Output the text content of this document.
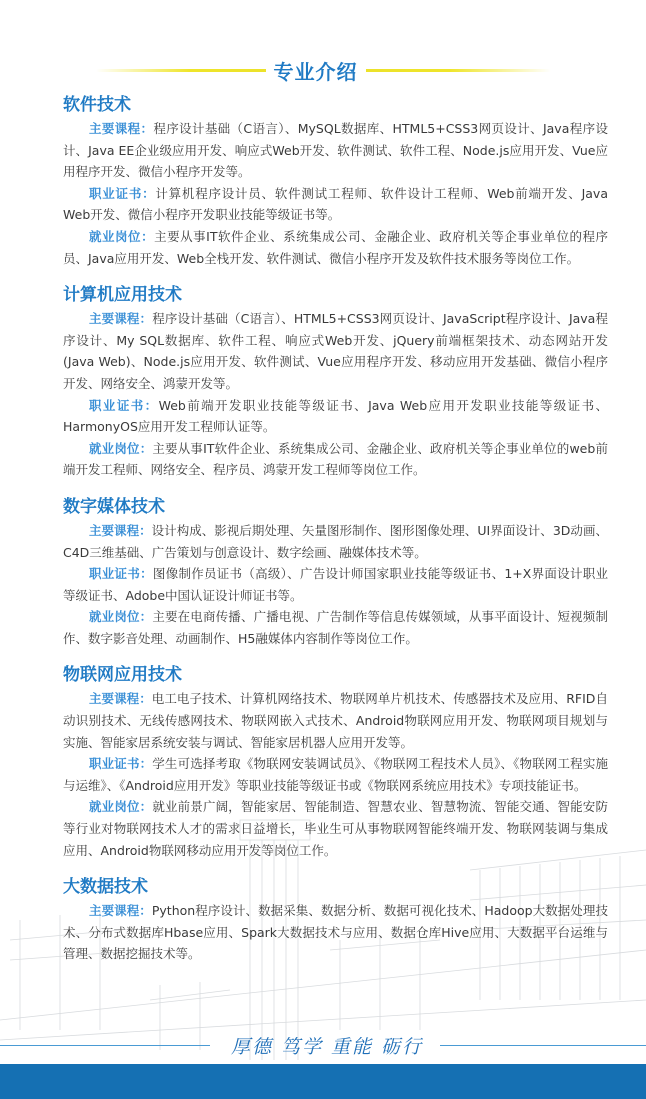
专业介绍
软件技术

主要课程：程序设计基础（C语言）、MySQL数据库、HTML5+CSS3网页设计、Java程序设计、Java EE企业级应用开发、响应式Web开发、软件测试、软件工程、Node.js应用开发、Vue应用程序开发、微信小程序开发等。

职业证书：计算机程序设计员、软件测试工程师、软件设计工程师、Web前端开发、Java Web开发、微信小程序开发职业技能等级证书等。

就业岗位：主要从事IT软件企业、系统集成公司、金融企业、政府机关等企事业单位的程序员、Java应用开发、Web全栈开发、软件测试、微信小程序开发及软件技术服务等岗位工作。

计算机应用技术

主要课程：程序设计基础（C语言）、HTML5+CSS3网页设计、JavaScript程序设计、Java程序设计、My SQL数据库、软件工程、响应式Web开发、jQuery前端框架技术、动态网站开发(Java Web)、Node.js应用开发、软件测试、Vue应用程序开发、移动应用开发基础、微信小程序开发、网络安全、鸿蒙开发等。

职业证书：Web前端开发职业技能等级证书、Java Web应用开发职业技能等级证书、HarmonyOS应用开发工程师认证等。

就业岗位：主要从事IT软件企业、系统集成公司、金融企业、政府机关等企事业单位的web前端开发工程师、网络安全、程序员、鸿蒙开发工程师等岗位工作。

数字媒体技术

主要课程：设计构成、影视后期处理、矢量图形制作、图形图像处理、UI界面设计、3D动画、C4D三维基础、广告策划与创意设计、数字绘画、融媒体技术等。

职业证书：图像制作员证书（高级）、广告设计师国家职业技能等级证书、1+X界面设计职业等级证书、Adobe中国认证设计师证书等。

就业岗位：主要在电商传播、广播电视、广告制作等信息传媒领域，从事平面设计、短视频制作、数字影音处理、动画制作、H5融媒体内容制作等岗位工作。

物联网应用技术

主要课程：电工电子技术、计算机网络技术、物联网单片机技术、传感器技术及应用、RFID自动识别技术、无线传感网技术、物联网嵌入式技术、Android物联网应用开发、物联网项目规划与实施、智能家居系统安装与调试、智能家居机器人应用开发等。

职业证书：学生可选择考取《物联网安装调试员》、《物联网工程技术人员》、《物联网工程实施与运维》、《Android应用开发》等职业技能等级证书或《物联网系统应用技术》专项技能证书。

就业岗位：就业前景广阔，智能家居、智能制造、智慧农业、智慧物流、智能交通、智能安防等行业对物联网技术人才的需求日益增长，毕业生可从事物联网智能终端开发、物联网装调与集成应用、Android物联网移动应用开发等岗位工作。

大数据技术

主要课程：Python程序设计、数据采集、数据分析、数据可视化技术、Hadoop大数据处理技术、分布式数据库Hbase应用、Spark大数据技术与应用、数据仓库Hive应用、大数据平台运维与管理、数据挖掘技术等。

厚德 笃学 重能 砺行
